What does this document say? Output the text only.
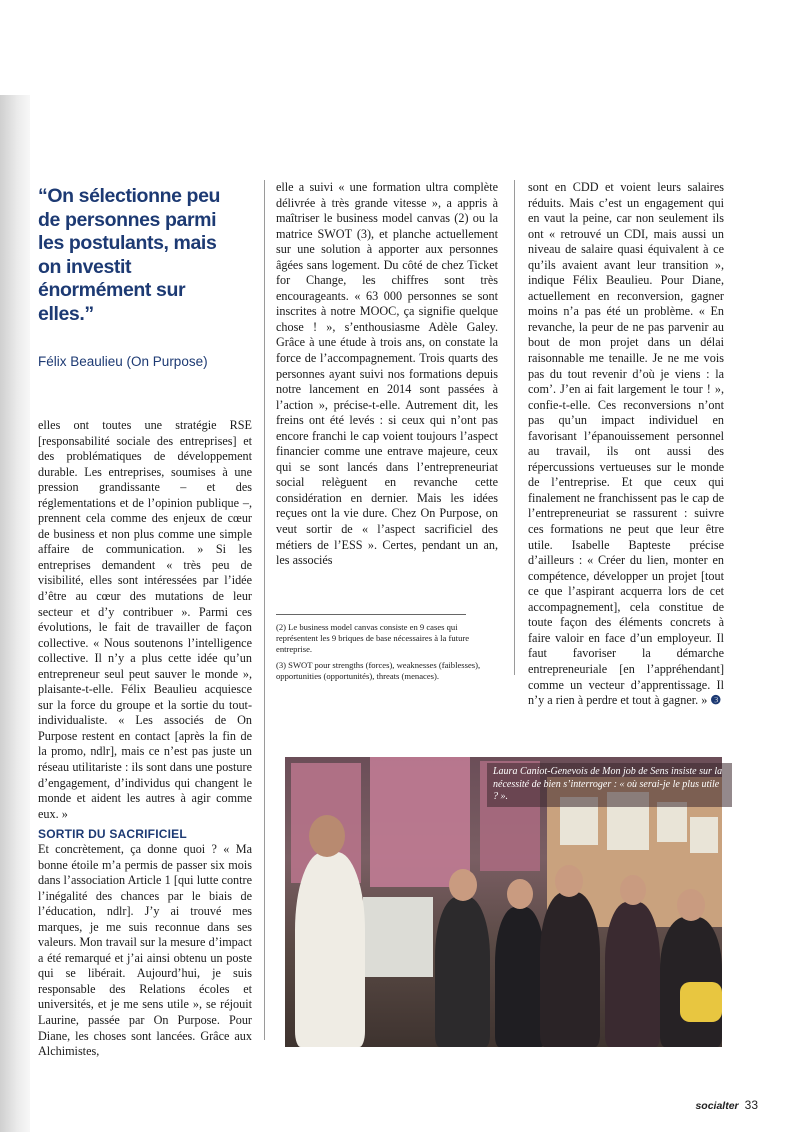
“On sélectionne peu de personnes parmi les postulants, mais on investit énormément sur elles.”
Félix Beaulieu (On Purpose)

elles ont toutes une stratégie RSE [responsabilité sociale des entreprises] et des problématiques de développement durable. Les entreprises, soumises à une pression grandissante – et des réglementations et de l’opinion publique –, prennent cela comme des enjeux de cœur de business et non plus comme une simple affaire de communication. » Si les entreprises demandent « très peu de visibilité, elles sont intéressées par l’idée d’être au cœur des mutations de leur secteur et d’y contribuer ». Parmi ces évolutions, le fait de travailler de façon collective. « Nous soutenons l’intelligence collective. Il n’y a plus cette idée qu’un entrepreneur seul peut sauver le monde », plaisante-t-elle. Félix Beaulieu acquiesce sur la force du groupe et la sortie du tout-individualiste. « Les associés de On Purpose restent en contact [après la fin de la promo, ndlr], mais ce n’est pas juste un réseau utilitariste : ils sont dans une posture d’engagement, d’individus qui changent le monde et aident les autres à agir comme eux. »

SORTIR DU SACRIFICIEL

Et concrètement, ça donne quoi ? « Ma bonne étoile m’a permis de passer six mois dans l’association Article 1 [qui lutte contre l’inégalité des chances par le biais de l’éducation, ndlr]. J’y ai trouvé mes marques, je me suis reconnue dans ses valeurs. Mon travail sur la mesure d’impact a été remarqué et j’ai ainsi obtenu un poste qui se libérait. Aujourd’hui, je suis responsable des Relations écoles et universités, et je me sens utile », se réjouit Laurine, passée par On Purpose. Pour Diane, les choses sont lancées. Grâce aux Alchimistes,

elle a suivi « une formation ultra complète délivrée à très grande vitesse », a appris à maîtriser le business model canvas (2) ou la matrice SWOT (3), et planche actuellement sur une solution à apporter aux personnes âgées sans logement. Du côté de chez Ticket for Change, les chiffres sont très encourageants. « 63 000 personnes se sont inscrites à notre MOOC, ça signifie quelque chose ! », s’enthousiasme Adèle Galey. Grâce à une étude à trois ans, on constate la force de l’accompagnement. Trois quarts des personnes ayant suivi nos formations depuis notre lancement en 2014 sont passées à l’action », précise-t-elle. Autrement dit, les freins ont été levés : si ceux qui n’ont pas encore franchi le cap voient toujours l’aspect financier comme une entrave majeure, ceux qui se sont lancés dans l’entrepreneuriat social relèguent en revanche cette considération en dernier. Mais les idées reçues ont la vie dure. Chez On Purpose, on veut sortir de « l’aspect sacrificiel des métiers de l’ESS ». Certes, pendant un an, les associés

(2) Le business model canvas consiste en 9 cases qui représentent les 9 briques de base nécessaires à la future entreprise.

(3) SWOT pour strengths (forces), weaknesses (faiblesses), opportunities (opportunités), threats (menaces).

sont en CDD et voient leurs salaires réduits. Mais c’est un engagement qui en vaut la peine, car non seulement ils ont « retrouvé un CDI, mais aussi un niveau de salaire quasi équivalent à ce qu’ils avaient avant leur transition », indique Félix Beaulieu. Pour Diane, actuellement en reconversion, gagner moins n’a pas été un problème. « En revanche, la peur de ne pas parvenir au bout de mon projet dans un délai raisonnable me tenaille. Je ne me vois pas du tout revenir d’où je viens : la com’. J’en ai fait largement le tour ! », confie-t-elle. Ces reconversions n’ont pas qu’un impact individuel en favorisant l’épanouissement personnel au travail, ils ont aussi des répercussions vertueuses sur le monde de l’entreprise. Et que ceux qui finalement ne franchissent pas le cap de l’entrepreneuriat se rassurent : suivre ces formations ne peut que leur être utile. Isabelle Bapteste précise d’ailleurs : « Créer du lien, monter en compétence, développer un projet [tout ce que l’aspirant acquerra lors de cet accompagnement], cela constitue de toute façon des éléments concrets à faire valoir en face d’un employeur. Il faut favoriser la démarche entrepreneuriale [en l’appréhendant] comme un vecteur d’apprentissage. Il n’y a rien à perdre et tout à gagner. » ❸

Laura Caniot-Genevois de Mon job de Sens insiste sur la nécessité de bien s’interroger : « où serai-je le plus utile ? ».
socialter 33
